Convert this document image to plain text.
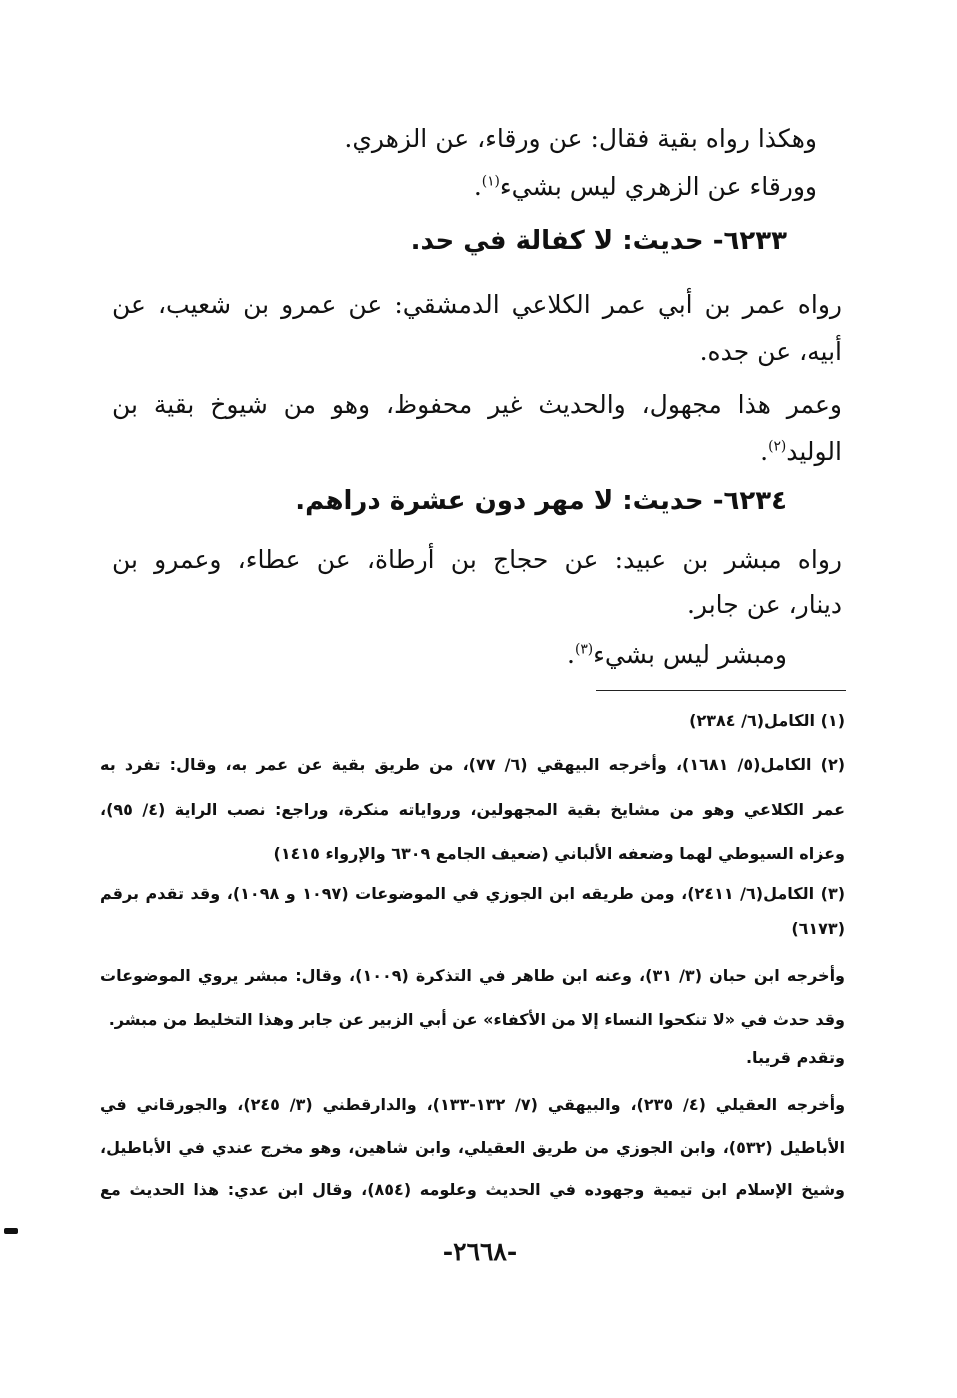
وهكذا رواه بقية فقال: عن ورقاء، عن الزهري.
وورقاء عن الزهري ليس بشيء$^{(١)}$.
٦٢٣٣- حديث: لا كفالة في حد.
رواه عمر بن أبي عمر الكلاعي الدمشقي: عن عمرو بن شعيب، عن
أبيه، عن جده.
وعمر هذا مجهول، والحديث غير محفوظ، وهو من شيوخ بقية بن
الوليد$^{(٢)}$.
٦٢٣٤- حديث: لا مهر دون عشرة دراهم.
رواه مبشر بن عبيد: عن حجاج بن أرطاة، عن عطاء، وعمرو بن
دينار، عن جابر.
ومبشر ليس بشيء$^{(٣)}$.
(١) الكامل(٦/ ٢٣٨٤)
(٢) الكامل(٥/ ١٦٨١)، وأخرجه البيهقي (٦/ ٧٧)، من طريق بقية عن عمر به، وقال: تفرد به
عمر الكلاعي وهو من مشايخ بقية المجهولين، ورواياته منكرة، وراجع: نصب الراية (٤/ ٩٥)،
وعزاه السيوطي لهما وضعفه الألباني (ضعيف الجامع ٦٣٠٩ والإرواء ١٤١٥)
(٣) الكامل(٦/ ٢٤١١)، ومن طريقه ابن الجوزي في الموضوعات (١٠٩٧ و ١٠٩٨)، وقد تقدم برقم
(٦١٧٣)
وأخرجه ابن حبان (٣/ ٣١)، وعنه ابن طاهر في التذكرة (١٠٠٩)، وقال: مبشر يروي الموضوعات
وقد حدث في «لا تنكحوا النساء إلا من الأكفاء» عن أبي الزبير عن جابر وهذا التخليط من مبشر.
وتقدم قريبا.
وأخرجه العقيلي (٤/ ٢٣٥)، والبيهقي (٧/ ١٣٢-١٣٣)، والدارقطني (٣/ ٢٤٥)، والجورقاني في
الأباطيل (٥٣٢)، وابن الجوزي من طريق العقيلي، وابن شاهين، وهو مخرج عندي في الأباطيل،
وشيخ الإسلام ابن تيمية وجهوده في الحديث وعلومه (٨٥٤)، وقال ابن عدي: هذا الحديث مع
-٢٦٦٨-
